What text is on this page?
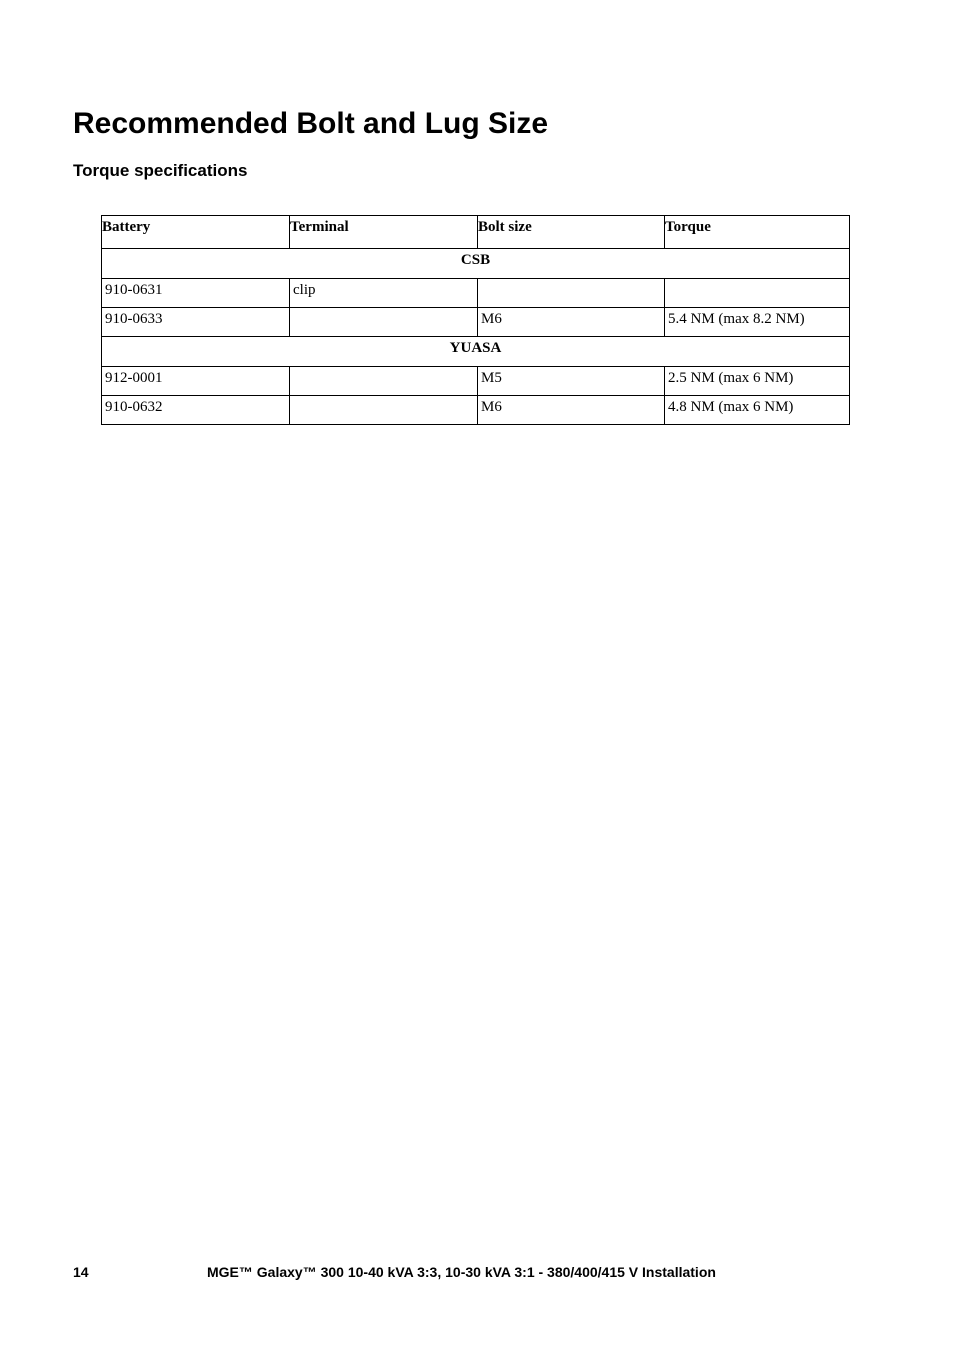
Recommended Bolt and Lug Size
Torque specifications
Battery	Terminal	Bolt size	Torque
CSB			
910-0631	clip		
910-0633		M6	5.4 NM (max 8.2 NM)
YUASA			
912-0001		M5	2.5 NM (max 6 NM)
910-0632		M6	4.8 NM (max 6 NM)
14	MGE™ Galaxy™ 300 10-40 kVA 3:3, 10-30 kVA 3:1 - 380/400/415 V Installation
